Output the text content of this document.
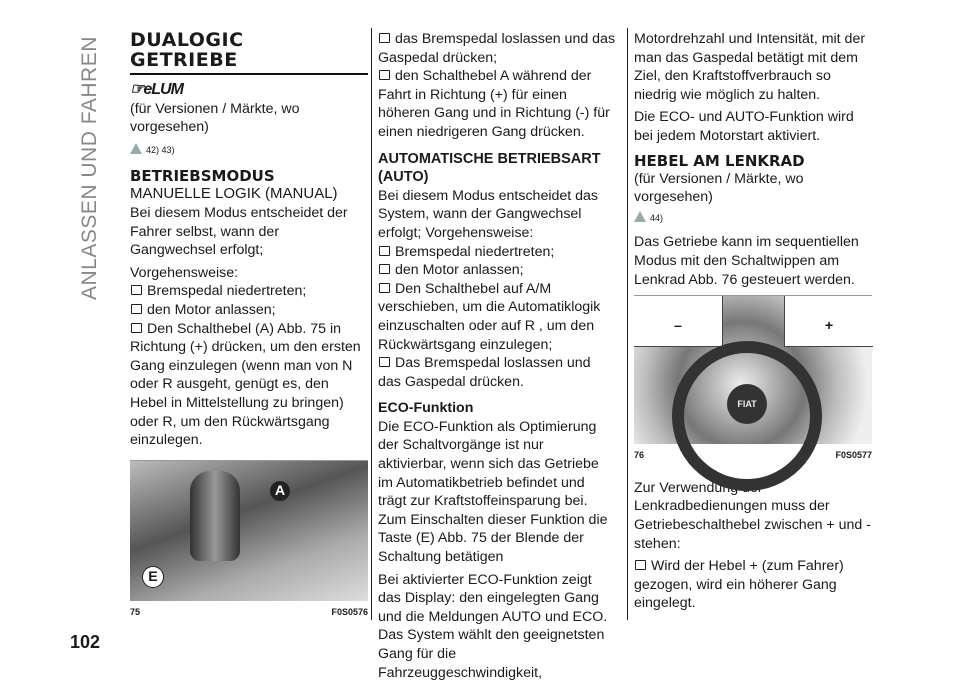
ANLASSEN UND FAHREN
102
DUALOGIC GETRIEBE
☞eLUM

(für Versionen / Märkte, wo vorgesehen)

42) 43)
BETRIEBSMODUS
MANUELLE LOGIK (MANUAL)

Bei diesem Modus entscheidet der Fahrer selbst, wann der Gangwechsel erfolgt;

Vorgehensweise:

Bremspedal niedertreten;
den Motor anlassen;
Den Schalthebel (A) Abb. 75 in Richtung (+) drücken, um den ersten Gang einzulegen (wenn man von N oder R ausgeht, genügt es, den Hebel in Mittelstellung zu bringen) oder R, um den Rückwärtsgang einzulegen.
A
E
75	F0S0576
das Bremspedal loslassen und das Gaspedal drücken;
den Schalthebel A während der Fahrt in Richtung (+) für einen höheren Gang und in Richtung (-) für einen niedrigeren Gang drücken.
AUTOMATISCHE BETRIEBSART (AUTO)

Bei diesem Modus entscheidet das System, wann der Gangwechsel erfolgt; Vorgehensweise:

Bremspedal niedertreten;
den Motor anlassen;
Den Schalthebel auf A/M verschieben, um die Automatiklogik einzuschalten oder auf R , um den Rückwärtsgang einzulegen;
Das Bremspedal loslassen und das Gaspedal drücken.
ECO-Funktion

Die ECO-Funktion als Optimierung der Schaltvorgänge ist nur aktivierbar, wenn sich das Getriebe im Automatikbetrieb befindet und trägt zur Kraftstoffeinsparung bei. Zum Einschalten dieser Funktion die Taste (E) Abb. 75 der Blende der Schaltung betätigen

Bei aktivierter ECO-Funktion zeigt das Display: den eingelegten Gang und die Meldungen AUTO und ECO. Das System wählt den geeignetsten Gang für die Fahrzeuggeschwindigkeit,

Motordrehzahl und Intensität, mit der man das Gaspedal betätigt mit dem Ziel, den Kraftstoffverbrauch so niedrig wie möglich zu halten.

Die ECO- und AUTO-Funktion wird bei jedem Motorstart aktiviert.

HEBEL AM LENKRAD

(für Versionen / Märkte, wo vorgesehen)

44)

Das Getriebe kann im sequentiellen Modus mit den Schaltwippen am Lenkrad Abb. 76 gesteuert werden.

–	+
FIAT
76	F0S0577

Zur Verwendung der Lenkradbedienungen muss der Getriebeschalthebel zwischen + und - stehen:

Wird der Hebel + (zum Fahrer) gezogen, wird ein höherer Gang eingelegt.
